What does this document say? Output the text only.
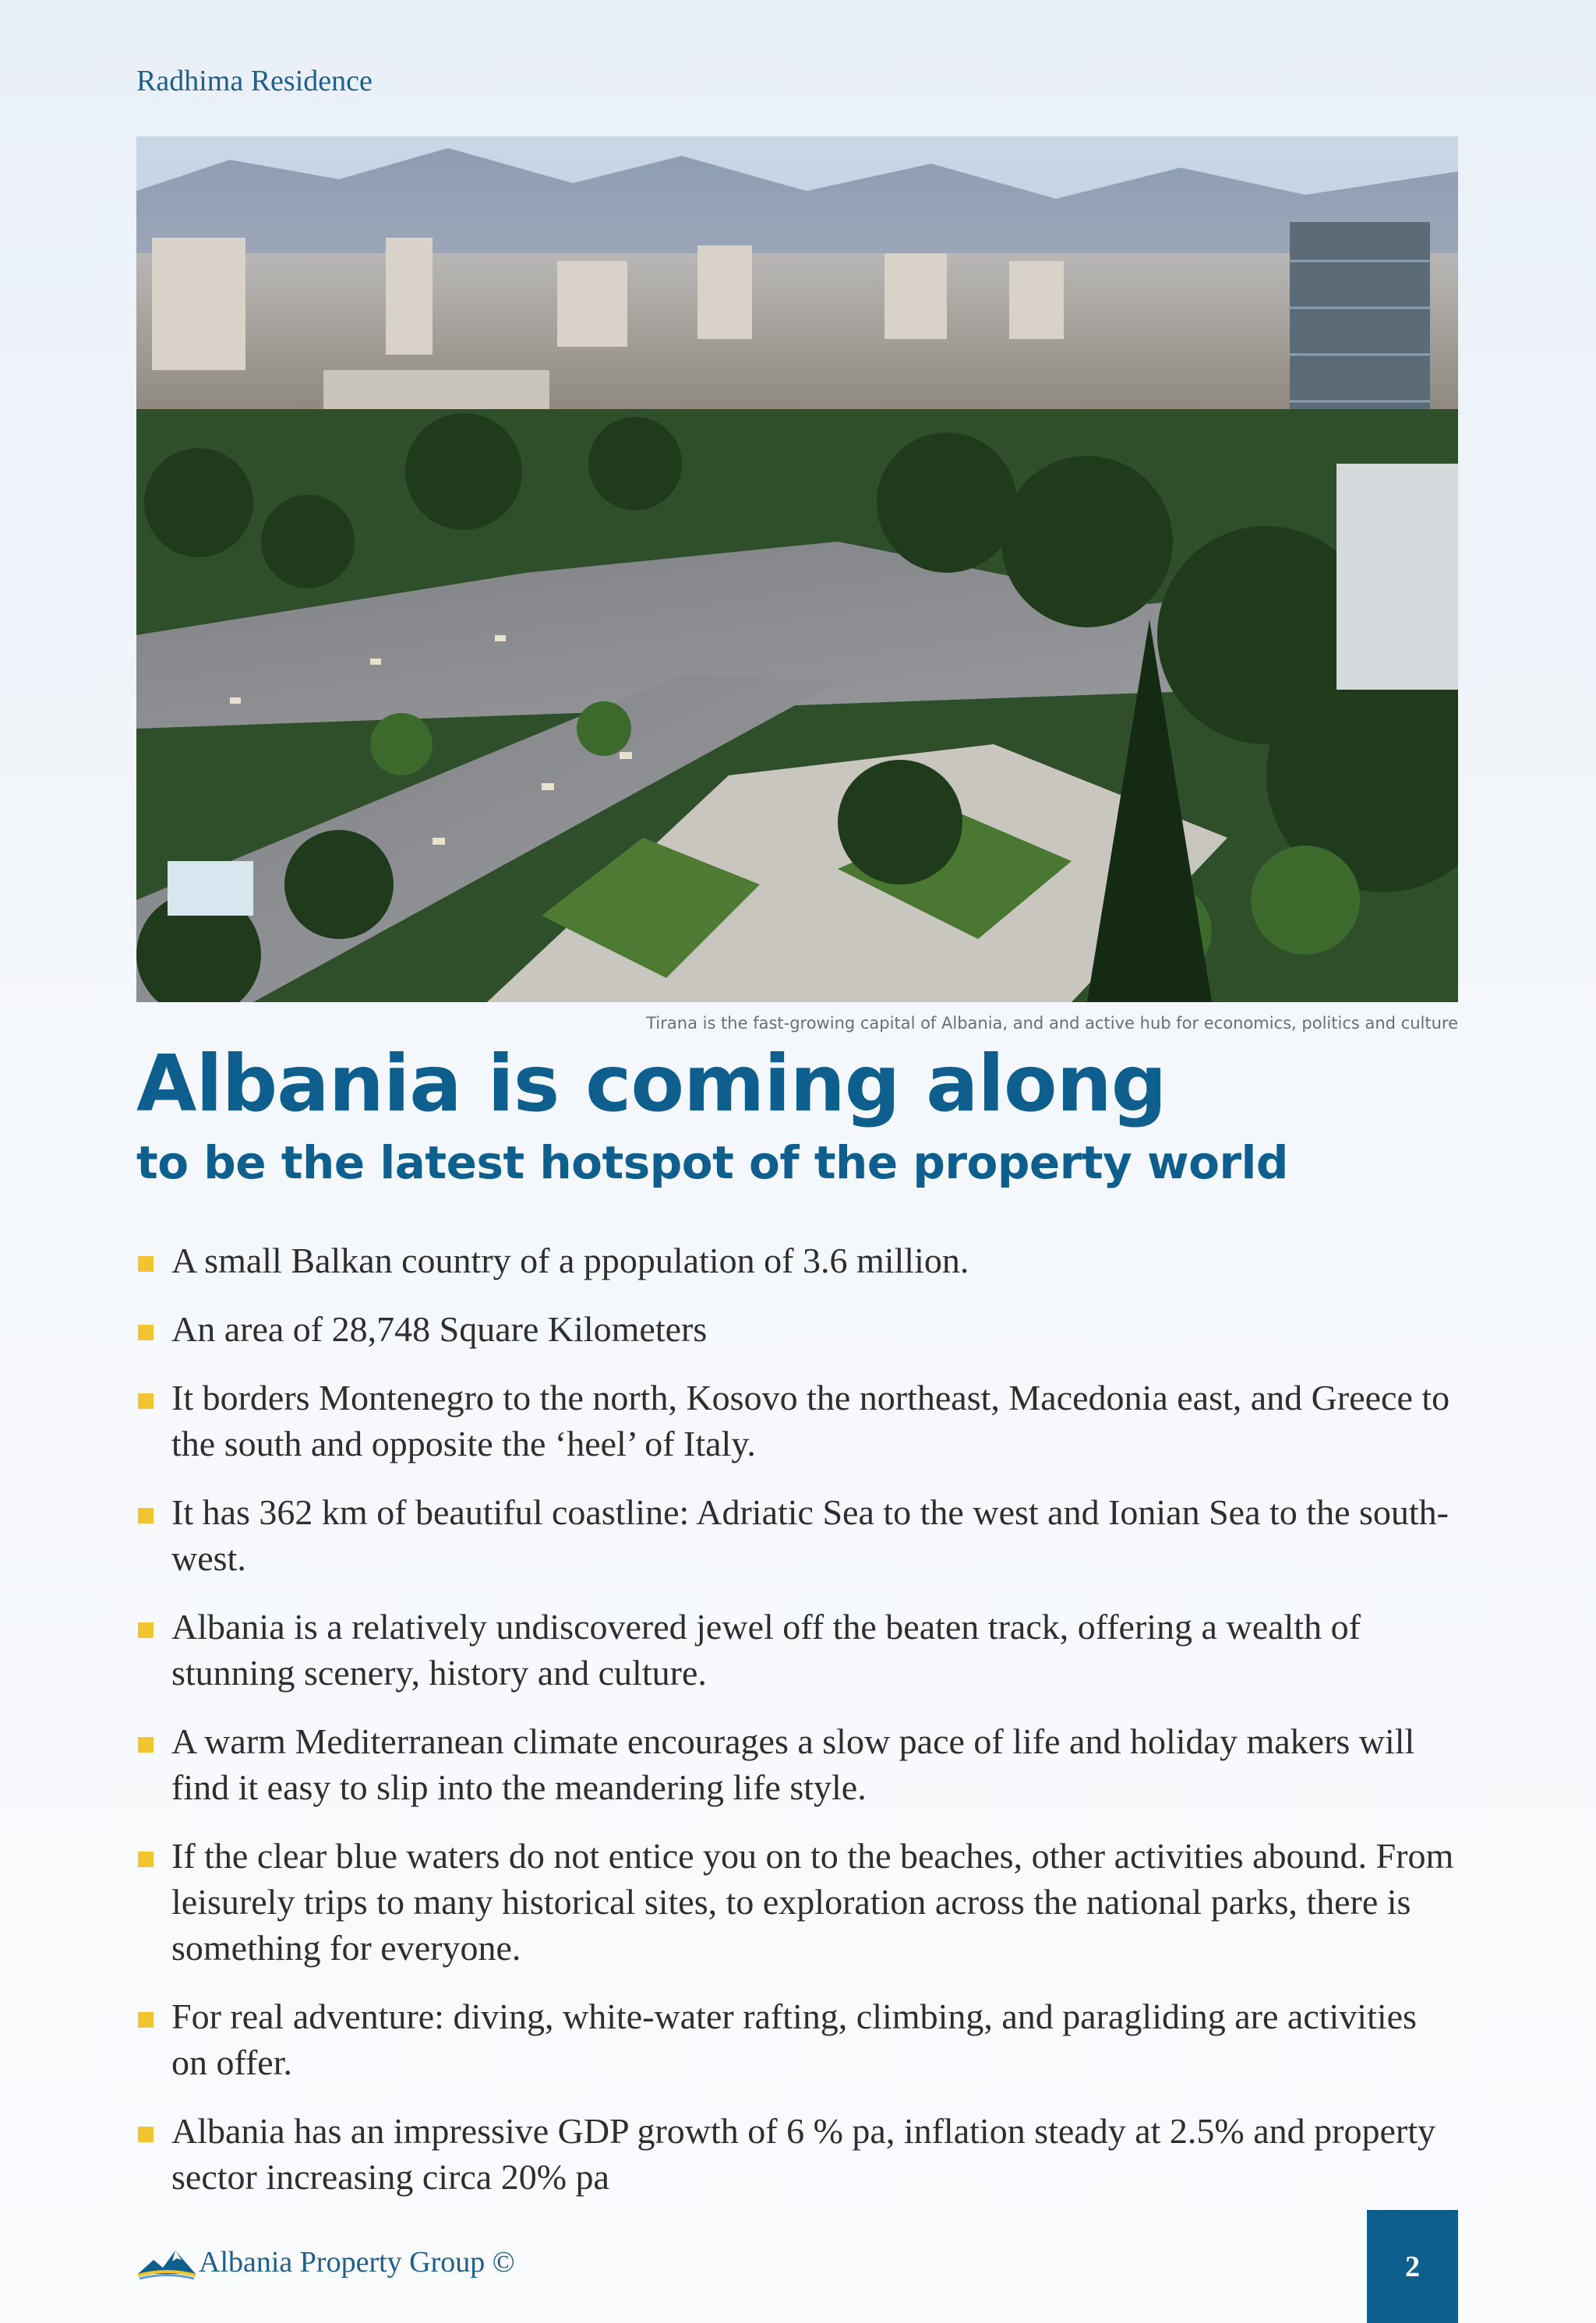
Radhima Residence

Tirana is the fast-growing capital of Albania, and and active hub for economics, politics and culture

Albania is coming along
to be the latest hotspot of the property world
A small Balkan country of a ppopulation of 3.6 million.
An area of 28,748 Square Kilometers
It borders Montenegro to the north, Kosovo the northeast, Macedonia east, and Greece to the south and opposite the ‘heel’ of Italy.
It has 362 km of beautiful coastline: Adriatic Sea to the west and Ionian Sea to the south-west.
Albania is a relatively undiscovered jewel off the beaten track, offering a wealth of stunning scenery, history and culture.
A warm Mediterranean climate encourages a slow pace of life and holiday makers will find it easy to slip into the meandering life style.
If the clear blue waters do not entice you on to the beaches, other activities abound. From leisurely trips to many historical sites, to exploration across the national parks, there is something for everyone.
For real adventure: diving, white-water rafting, climbing, and paragliding are activities on offer.
Albania has an impressive GDP growth of 6 % pa, inflation steady at 2.5% and property sector increasing circa 20% pa
Albania Property Group ©	2
